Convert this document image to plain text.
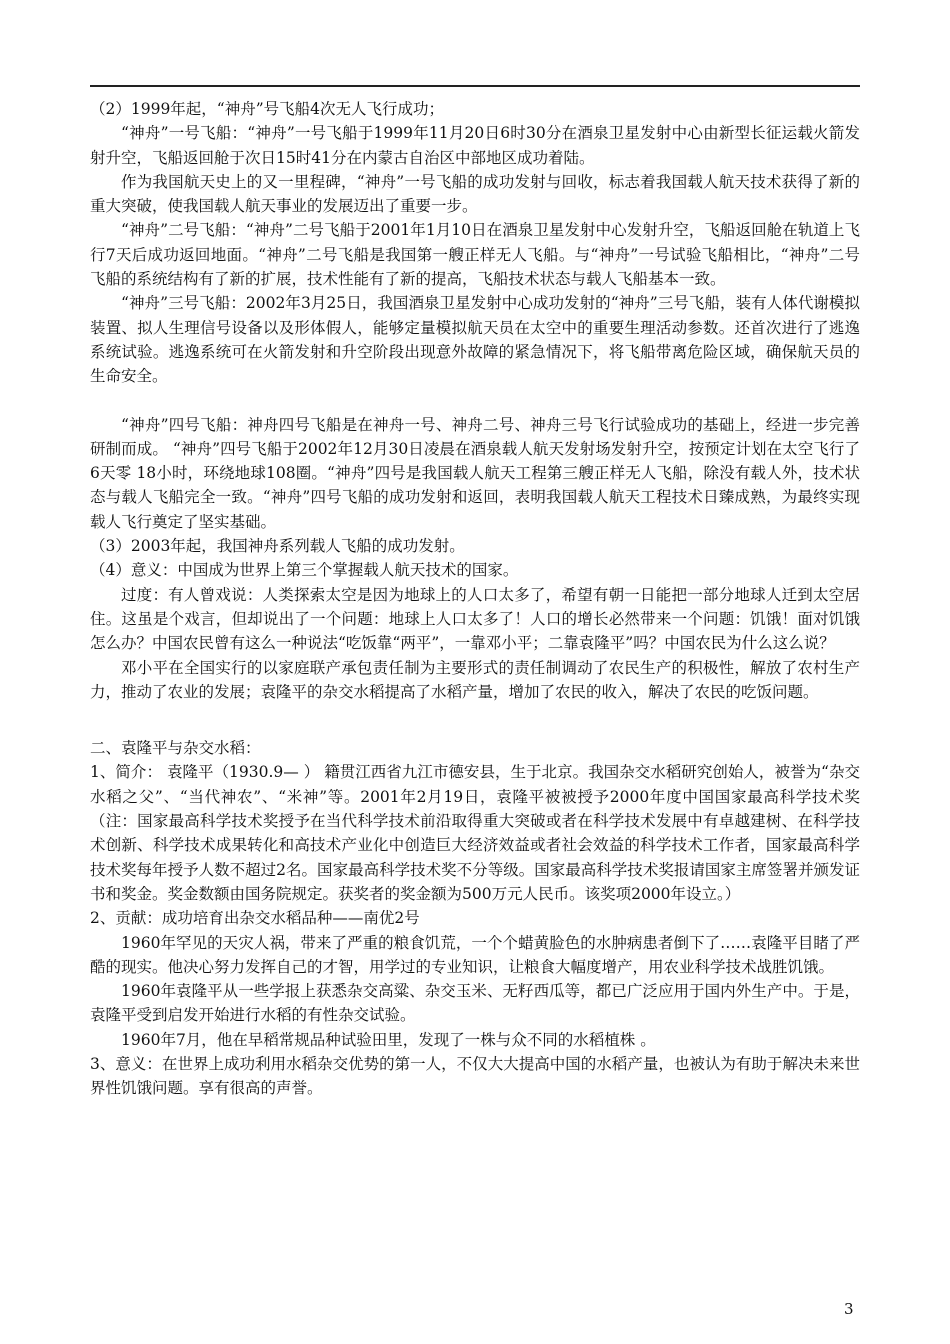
（2）1999年起，“神舟”号飞船4次无人飞行成功；

“神舟”一号飞船：“神舟”一号飞船于1999年11月20日6时30分在酒泉卫星发射中心由新型长征运载火箭发射升空，飞船返回舱于次日15时41分在内蒙古自治区中部地区成功着陆。

作为我国航天史上的又一里程碑，“神舟”一号飞船的成功发射与回收，标志着我国载人航天技术获得了新的重大突破，使我国载人航天事业的发展迈出了重要一步。

“神舟”二号飞船：“神舟”二号飞船于2001年1月10日在酒泉卫星发射中心发射升空，飞船返回舱在轨道上飞行7天后成功返回地面。“神舟”二号飞船是我国第一艘正样无人飞船。与“神舟”一号试验飞船相比，“神舟”二号飞船的系统结构有了新的扩展，技术性能有了新的提高，飞船技术状态与载人飞船基本一致。

“神舟”三号飞船：2002年3月25日，我国酒泉卫星发射中心成功发射的“神舟”三号飞船，装有人体代谢模拟装置、拟人生理信号设备以及形体假人，能够定量模拟航天员在太空中的重要生理活动参数。还首次进行了逃逸系统试验。逃逸系统可在火箭发射和升空阶段出现意外故障的紧急情况下，将飞船带离危险区域，确保航天员的生命安全。

“神舟”四号飞船：神舟四号飞船是在神舟一号、神舟二号、神舟三号飞行试验成功的基础上，经进一步完善研制而成。 “神舟”四号飞船于2002年12月30日凌晨在酒泉载人航天发射场发射升空，按预定计划在太空飞行了6天零 18小时，环绕地球108圈。“神舟”四号是我国载人航天工程第三艘正样无人飞船，除没有载人外，技术状态与载人飞船完全一致。“神舟”四号飞船的成功发射和返回，表明我国载人航天工程技术日臻成熟，为最终实现载人飞行奠定了坚实基础。

（3）2003年起，我国神舟系列载人飞船的成功发射。

（4）意义：中国成为世界上第三个掌握载人航天技术的国家。

过度：有人曾戏说：人类探索太空是因为地球上的人口太多了，希望有朝一日能把一部分地球人迁到太空居住。这虽是个戏言，但却说出了一个问题：地球上人口太多了！人口的增长必然带来一个问题：饥饿！面对饥饿怎么办？中国农民曾有这么一种说法“吃饭靠“两平”，一靠邓小平；二靠袁隆平”吗？中国农民为什么这么说？

邓小平在全国实行的以家庭联产承包责任制为主要形式的责任制调动了农民生产的积极性，解放了农村生产力，推动了农业的发展；袁隆平的杂交水稻提高了水稻产量，增加了农民的收入，解决了农民的吃饭问题。

二、袁隆平与杂交水稻：

1、简介： 袁隆平（1930.9— ） 籍贯江西省九江市德安县，生于北京。我国杂交水稻研究创始人，被誉为“杂交水稻之父”、“当代神农”、“米神”等。2001年2月19日，袁隆平被被授予2000年度中国国家最高科学技术奖（注：国家最高科学技术奖授予在当代科学技术前沿取得重大突破或者在科学技术发展中有卓越建树、在科学技术创新、科学技术成果转化和高技术产业化中创造巨大经济效益或者社会效益的科学技术工作者，国家最高科学技术奖每年授予人数不超过2名。国家最高科学技术奖不分等级。国家最高科学技术奖报请国家主席签署并颁发证书和奖金。奖金数额由国务院规定。获奖者的奖金额为500万元人民币。该奖项2000年设立。）

2、贡献：成功培育出杂交水稻品种——南优2号

1960年罕见的天灾人祸，带来了严重的粮食饥荒，一个个蜡黄脸色的水肿病患者倒下了……袁隆平目睹了严酷的现实。他决心努力发挥自己的才智，用学过的专业知识，让粮食大幅度增产，用农业科学技术战胜饥饿。

1960年袁隆平从一些学报上获悉杂交高粱、杂交玉米、无籽西瓜等，都已广泛应用于国内外生产中。于是，袁隆平受到启发开始进行水稻的有性杂交试验。

1960年7月，他在早稻常规品种试验田里，发现了一株与众不同的水稻植株 。

3、意义：在世界上成功利用水稻杂交优势的第一人，不仅大大提高中国的水稻产量，也被认为有助于解决未来世界性饥饿问题。享有很高的声誉。

3
